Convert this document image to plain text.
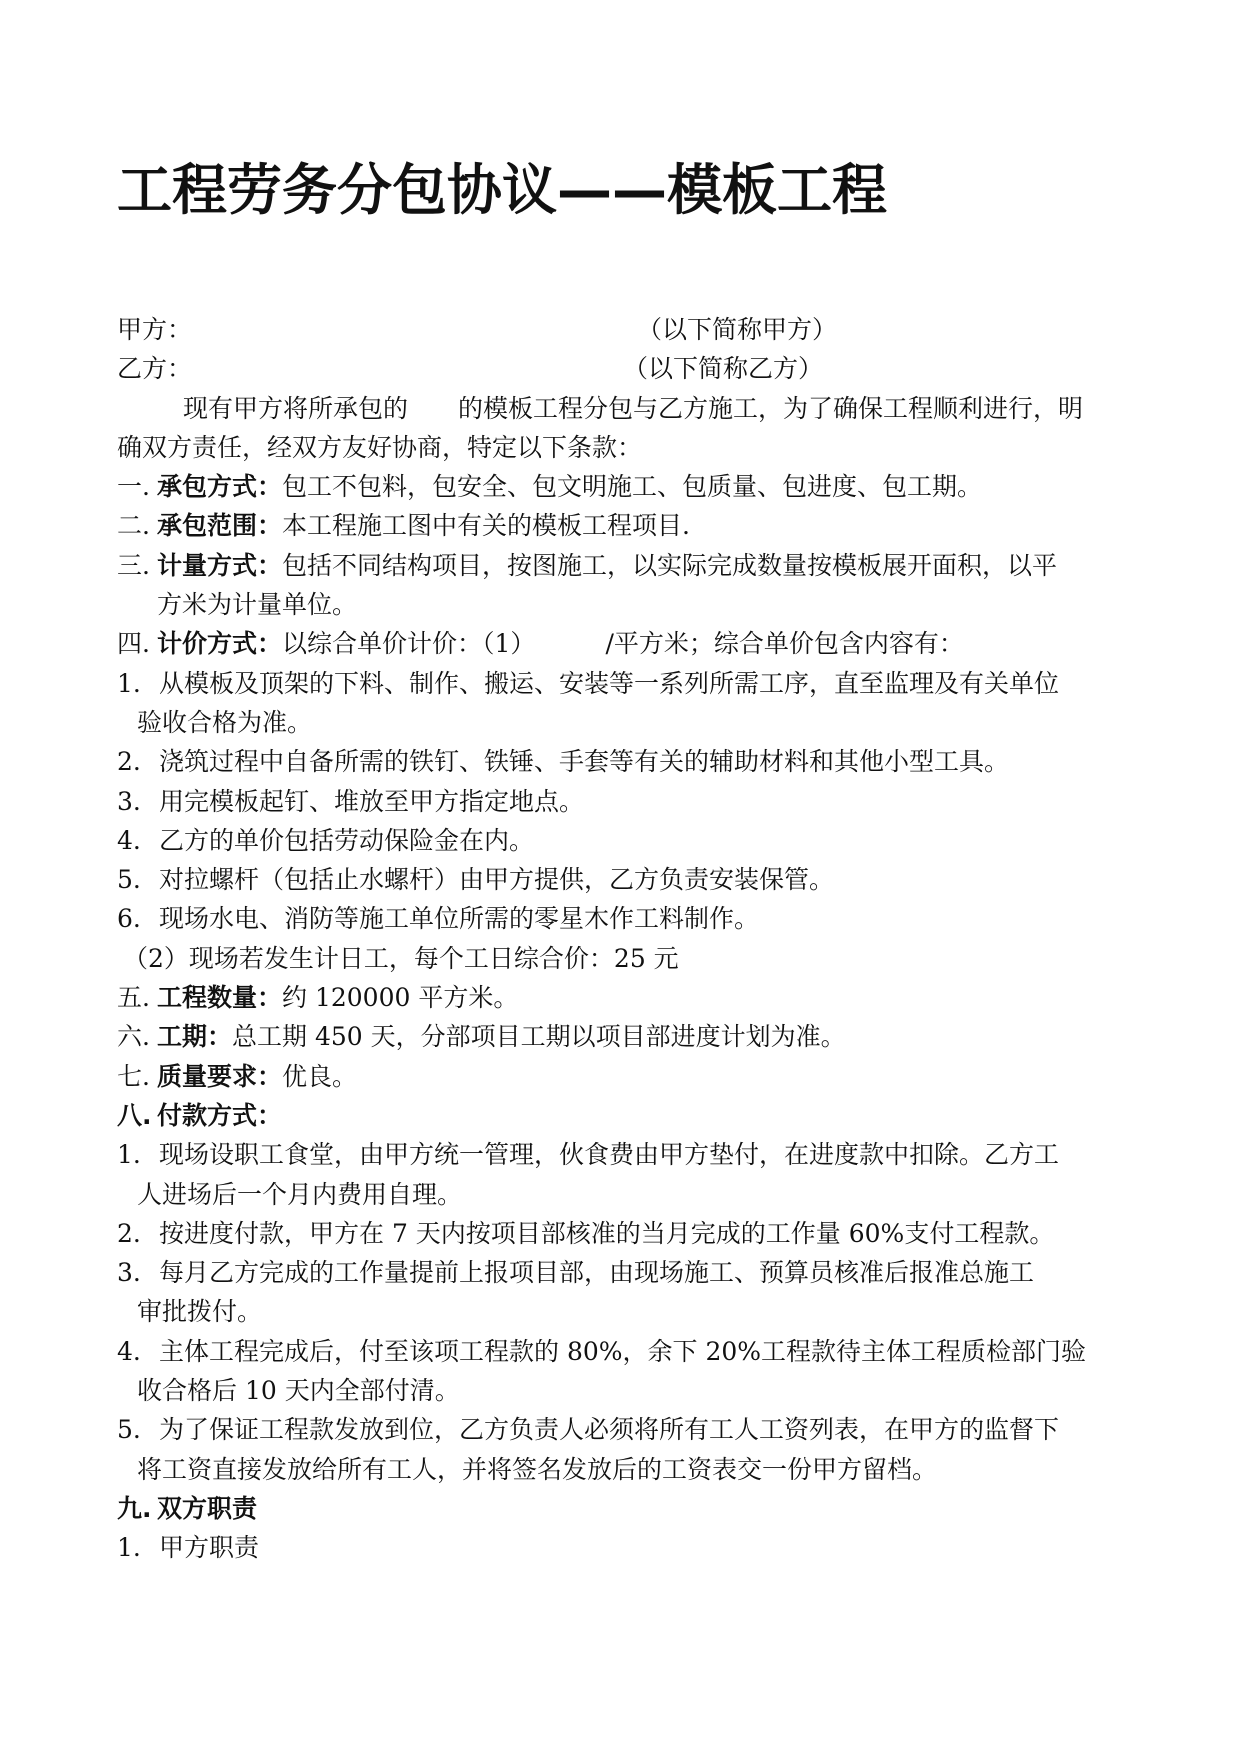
工程劳务分包协议——模板工程
甲方：	（以下简称甲方）
乙方：	（以下简称乙方）
现有甲方将所承包的 的模板工程分包与乙方施工，为了确保工程顺利进行，明
确双方责任，经双方友好协商，特定以下条款：
一. 承包方式：包工不包料，包安全、包文明施工、包质量、包进度、包工期。
二. 承包范围：本工程施工图中有关的模板工程项目.
三. 计量方式：包括不同结构项目，按图施工，以实际完成数量按模板展开面积，以平
方米为计量单位。
四. 计价方式：以综合单价计价：（1）	/平方米；综合单价包含内容有：
1. 从模板及顶架的下料、制作、搬运、安装等一系列所需工序，直至监理及有关单位
验收合格为准。
2. 浇筑过程中自备所需的铁钉、铁锤、手套等有关的辅助材料和其他小型工具。
3. 用完模板起钉、堆放至甲方指定地点。
4. 乙方的单价包括劳动保险金在内。
5. 对拉螺杆（包括止水螺杆）由甲方提供，乙方负责安装保管。
6. 现场水电、消防等施工单位所需的零星木作工料制作。
（2）现场若发生计日工，每个工日综合价：25 元
五. 工程数量：约 120000 平方米。
六. 工期：总工期 450 天，分部项目工期以项目部进度计划为准。
七. 质量要求：优良。
八. 付款方式：
1. 现场设职工食堂，由甲方统一管理，伙食费由甲方垫付，在进度款中扣除。乙方工
人进场后一个月内费用自理。
2. 按进度付款，甲方在 7 天内按项目部核准的当月完成的工作量 60%支付工程款。
3. 每月乙方完成的工作量提前上报项目部，由现场施工、预算员核准后报准总施工
审批拨付。
4. 主体工程完成后，付至该项工程款的 80%，余下 20%工程款待主体工程质检部门验
收合格后 10 天内全部付清。
5. 为了保证工程款发放到位，乙方负责人必须将所有工人工资列表，在甲方的监督下
将工资直接发放给所有工人，并将签名发放后的工资表交一份甲方留档。
九. 双方职责
1. 甲方职责
